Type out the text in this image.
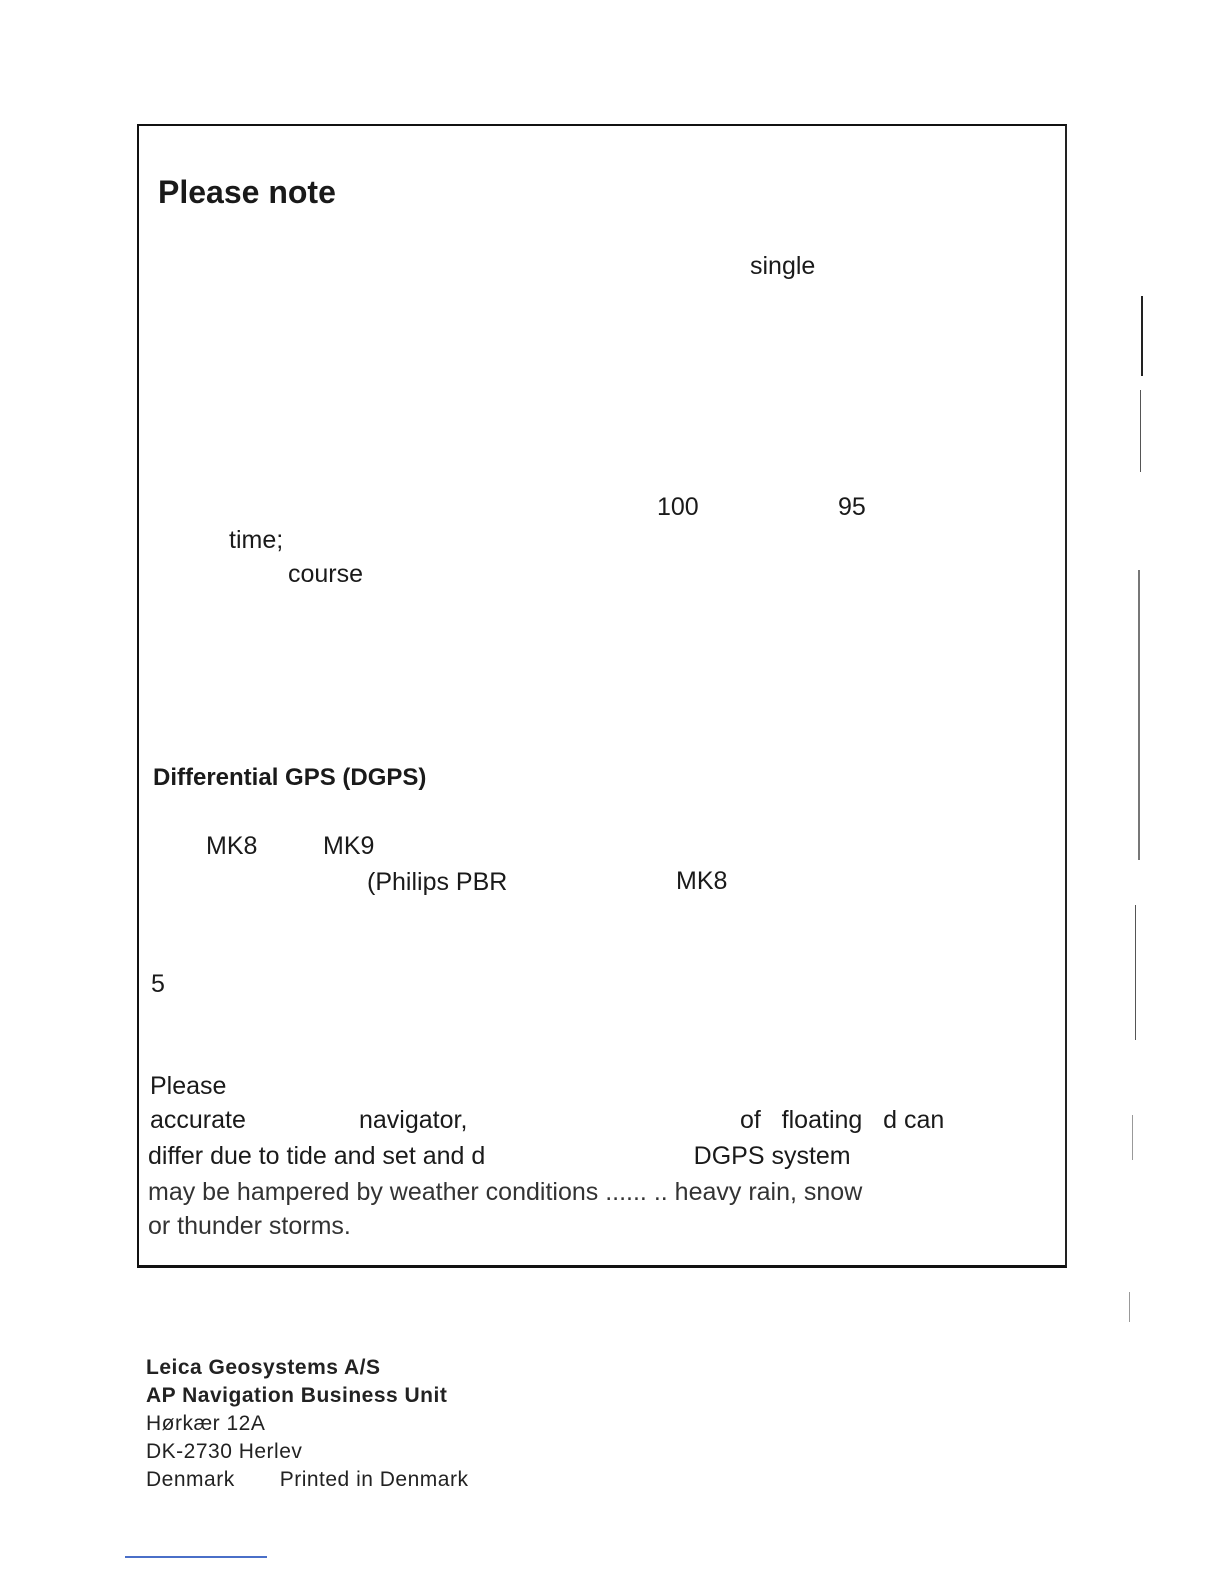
Please note
single
100	95
time;
course
Differential GPS (DGPS)
MK8	MK9
(Philips PBR	MK8
5
Please
accurate	navigator,	of   floating   d can
differ due to tide and set and d                              DGPS system
may be hampered by weather conditions ...... .. heavy rain, snow
or thunder storms.
Leica Geosystems A/S
AP Navigation Business Unit
Hørkær 12A
DK-2730 Herlev
Denmark Printed in Denmark
